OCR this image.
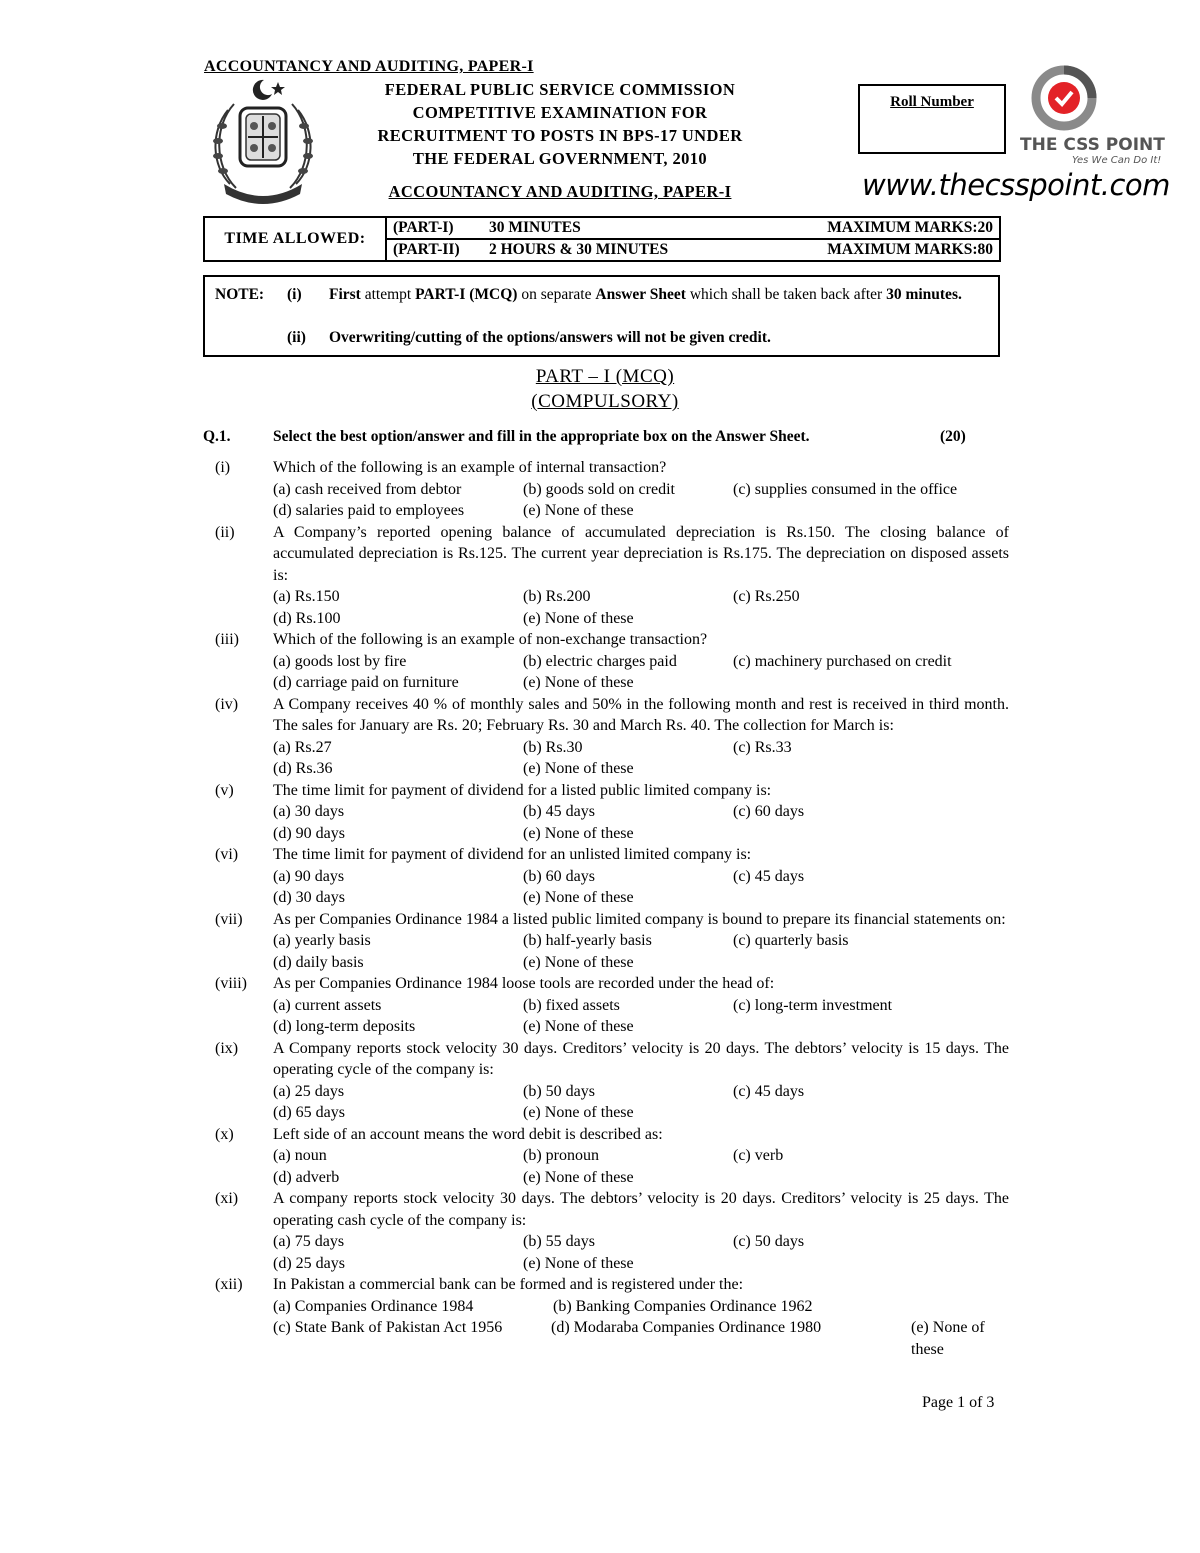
ACCOUNTANCY AND AUDITING, PAPER-I
FEDERAL PUBLIC SERVICE COMMISSION
COMPETITIVE EXAMINATION FOR
RECRUITMENT TO POSTS IN BPS-17 UNDER
THE FEDERAL GOVERNMENT, 2010
ACCOUNTANCY AND AUDITING, PAPER-I
Roll Number
THE CSS POINT
Yes We Can Do It!
www.thecsspoint.com
TIME ALLOWED:	
(PART-I) 30 MINUTES	MAXIMUM MARKS:20

(PART-II) 2 HOURS & 30 MINUTES	MAXIMUM MARKS:80
NOTE: (i) First attempt PART-I (MCQ) on separate Answer Sheet which shall be taken back after 30 minutes.
(ii) Overwriting/cutting of the options/answers will not be given credit.
PART – I (MCQ)
(COMPULSORY)
Q.1.	Select the best option/answer and fill in the appropriate box on the Answer Sheet.	(20)
(i)	Which of the following is an example of internal transaction?
(a) cash received from debtor	(b) goods sold on credit	(c) supplies consumed in the office
(d) salaries paid to employees	(e) None of these
(ii) A Company’s reported opening balance of accumulated depreciation is Rs.150. The closing balance of accumulated depreciation is Rs.125. The current year depreciation is Rs.175. The depreciation on disposed assets is:
(a) Rs.150	(b) Rs.200	(c) Rs.250
(d) Rs.100	(e) None of these
(iii) Which of the following is an example of non-exchange transaction?
(a) goods lost by fire	(b) electric charges paid	(c) machinery purchased on credit
(d) carriage paid on furniture	(e) None of these
(iv) A Company receives 40 % of monthly sales and 50% in the following month and rest is received in third month. The sales for January are Rs. 20; February Rs. 30 and March Rs. 40. The collection for March is:
(a) Rs.27	(b) Rs.30	(c) Rs.33
(d) Rs.36	(e) None of these
(v) The time limit for payment of dividend for a listed public limited company is:
(a) 30 days	(b) 45 days	(c) 60 days
(d) 90 days	(e) None of these
(vi) The time limit for payment of dividend for an unlisted limited company is:
(a) 90 days	(b) 60 days	(c) 45 days
(d) 30 days	(e) None of these
(vii) As per Companies Ordinance 1984 a listed public limited company is bound to prepare its financial statements on:
(a) yearly basis	(b) half-yearly basis	(c) quarterly basis
(d) daily basis	(e) None of these
(viii) As per Companies Ordinance 1984 loose tools are recorded under the head of:
(a) current assets	(b) fixed assets	(c) long-term investment
(d) long-term deposits	(e) None of these
(ix) A Company reports stock velocity 30 days. Creditors’ velocity is 20 days. The debtors’ velocity is 15 days. The operating cycle of the company is:
(a) 25 days	(b) 50 days	(c) 45 days
(d) 65 days	(e) None of these
(x) Left side of an account means the word debit is described as:
(a) noun	(b) pronoun	(c) verb
(d) adverb	(e) None of these
(xi) A company reports stock velocity 30 days. The debtors’ velocity is 20 days. Creditors’ velocity is 25 days. The operating cash cycle of the company is:
(a) 75 days	(b) 55 days	(c) 50 days
(d) 25 days	(e) None of these
(xii) In Pakistan a commercial bank can be formed and is registered under the:
(a) Companies Ordinance 1984	(b) Banking Companies Ordinance 1962
(c) State Bank of Pakistan Act 1956	(d) Modaraba Companies Ordinance 1980	(e) None of these
Page 1 of 3
